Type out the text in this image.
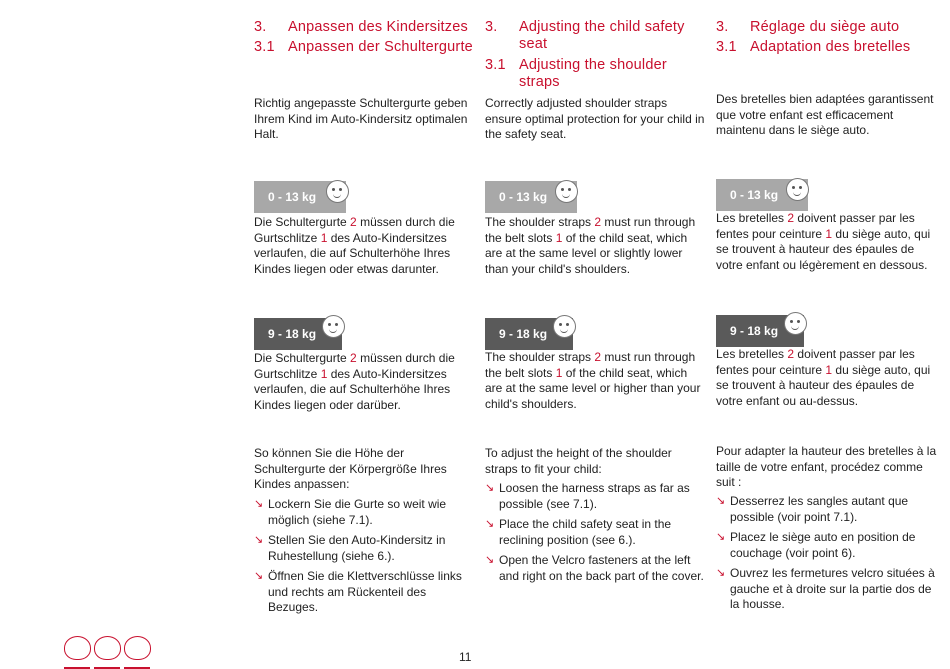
3. Anpassen des Kindersitzes
3.1 Anpassen der Schultergurte
Richtig angepasste Schultergurte geben Ihrem Kind im Auto-Kindersitz optimalen Halt.
0 - 13 kg
Die Schultergurte 2 müssen durch die Gurtschlitze 1 des Auto-Kindersitzes verlaufen, die auf Schulterhöhe Ihres Kindes liegen oder etwas darunter.
9 - 18 kg
Die Schultergurte 2 müssen durch die Gurtschlitze 1 des Auto-Kindersitzes verlaufen, die auf Schulterhöhe Ihres Kindes liegen oder darüber.
So können Sie die Höhe der Schultergurte der Körpergröße Ihres Kindes anpassen:
↘ Lockern Sie die Gurte so weit wie möglich (siehe 7.1).
↘ Stellen Sie den Auto-Kindersitz in Ruhestellung (siehe 6.).
↘ Öffnen Sie die Klettverschlüsse links und rechts am Rückenteil des Bezuges.
3. Adjusting the child safety seat
3.1 Adjusting the shoulder straps
Correctly adjusted shoulder straps ensure optimal protection for your child in the safety seat.
0 - 13 kg
The shoulder straps 2 must run through the belt slots 1 of the child seat, which are at the same level or slightly lower than your child's shoulders.
9 - 18 kg
The shoulder straps 2 must run through the belt slots 1 of the child seat, which are at the same level or higher than your child's shoulders.
To adjust the height of the shoulder straps to fit your child:
↘ Loosen the harness straps as far as possible (see 7.1).
↘ Place the child safety seat in the reclining position (see 6.).
↘ Open the Velcro fasteners at the left and right on the back part of the cover.
3. Réglage du siège auto
3.1 Adaptation des bretelles
Des bretelles bien adaptées garantissent que votre enfant est efficacement maintenu dans le siège auto.
0 - 13 kg
Les bretelles 2 doivent passer par les fentes pour ceinture 1 du siège auto, qui se trouvent à hauteur des épaules de votre enfant ou légèrement en dessous.
9 - 18 kg
Les bretelles 2 doivent passer par les fentes pour ceinture 1 du siège auto, qui se trouvent à hauteur des épaules de votre enfant ou au-dessus.
Pour adapter la hauteur des bretelles à la taille de votre enfant, procédez comme suit :
↘ Desserrez les sangles autant que possible (voir point 7.1).
↘ Placez le siège auto en position de couchage (voir point 6).
↘ Ouvrez les fermetures velcro situées à gauche et à droite sur la partie dos de la housse.
11
